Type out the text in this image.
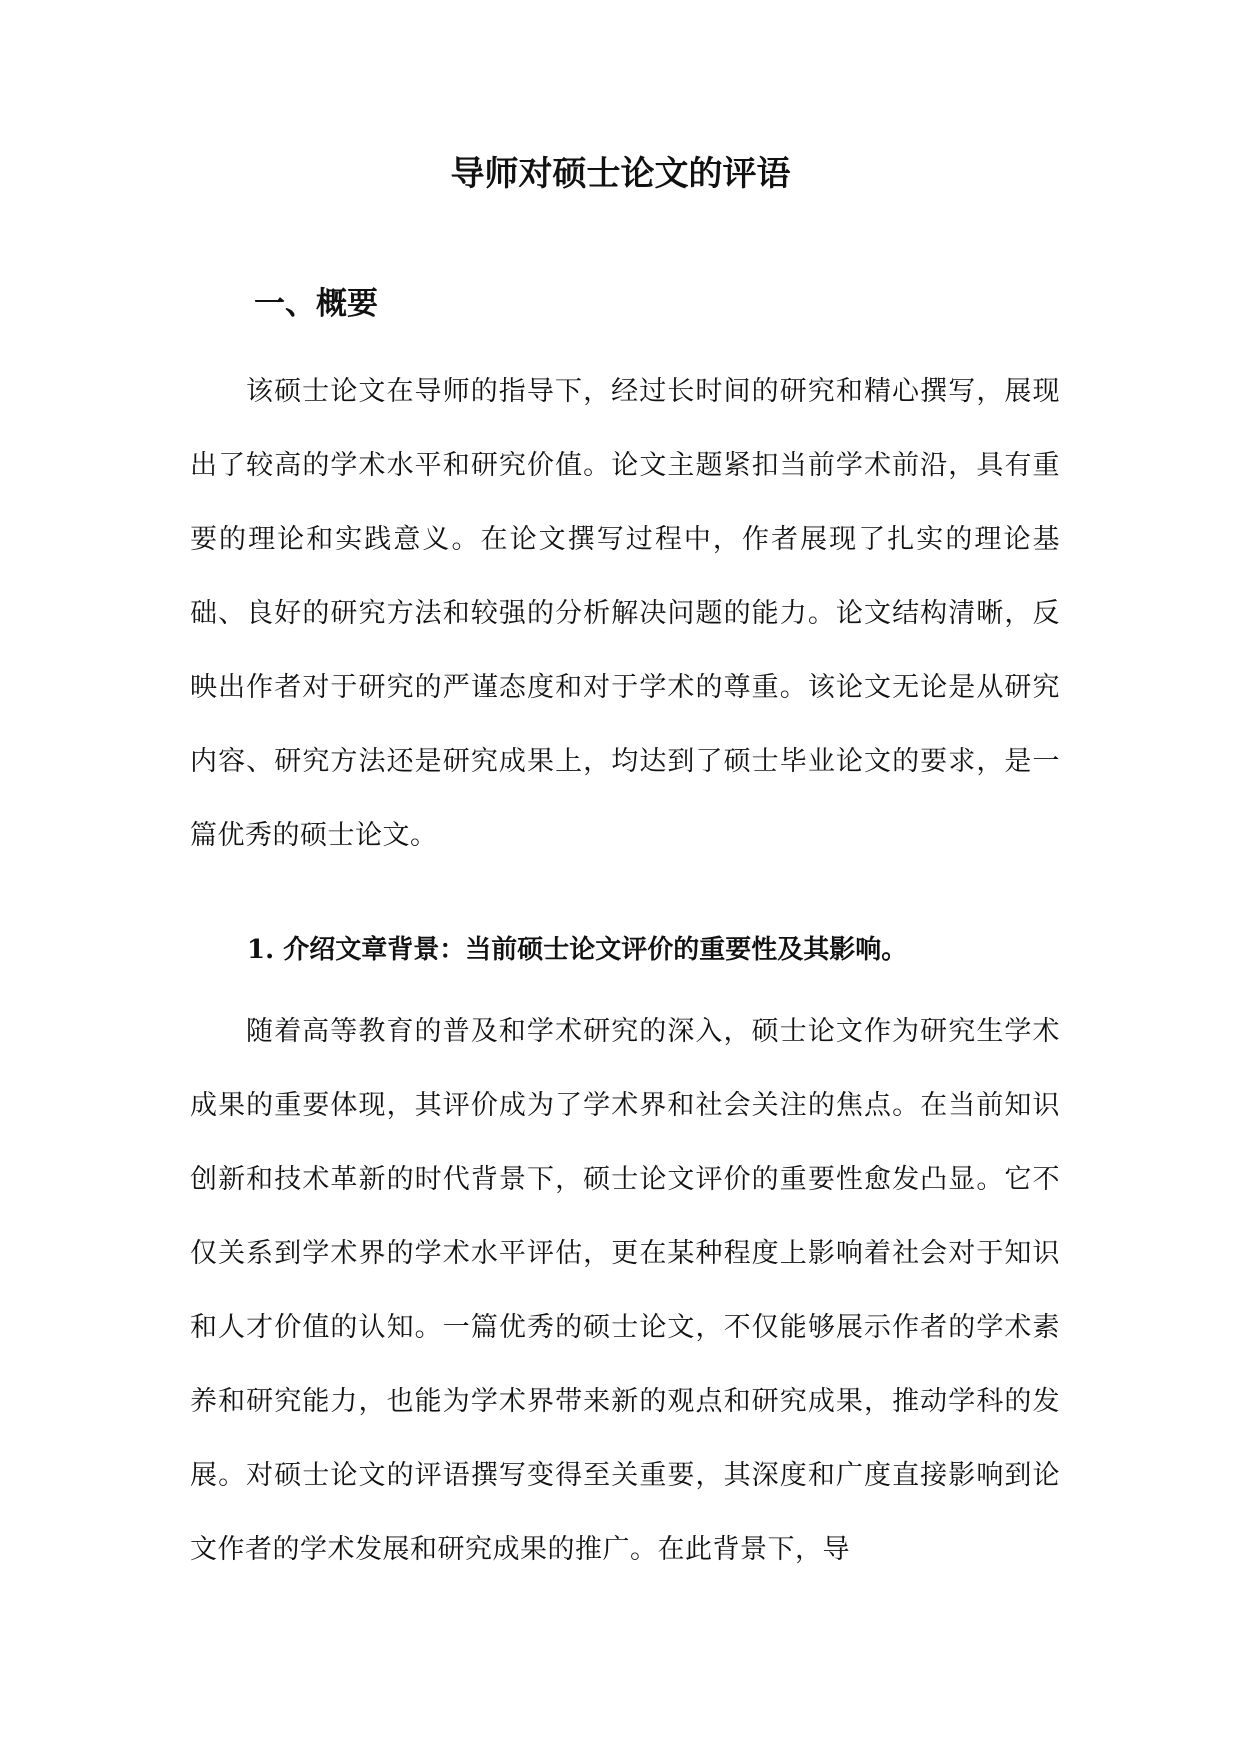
导师对硕士论文的评语
一、概要

该硕士论文在导师的指导下，经过长时间的研究和精心撰写，展现出了较高的学术水平和研究价值。论文主题紧扣当前学术前沿，具有重要的理论和实践意义。在论文撰写过程中，作者展现了扎实的理论基础、良好的研究方法和较强的分析解决问题的能力。论文结构清晰，反映出作者对于研究的严谨态度和对于学术的尊重。该论文无论是从研究内容、研究方法还是研究成果上，均达到了硕士毕业论文的要求，是一篇优秀的硕士论文。

1. 介绍文章背景：当前硕士论文评价的重要性及其影响。

随着高等教育的普及和学术研究的深入，硕士论文作为研究生学术成果的重要体现，其评价成为了学术界和社会关注的焦点。在当前知识创新和技术革新的时代背景下，硕士论文评价的重要性愈发凸显。它不仅关系到学术界的学术水平评估，更在某种程度上影响着社会对于知识和人才价值的认知。一篇优秀的硕士论文，不仅能够展示作者的学术素养和研究能力，也能为学术界带来新的观点和研究成果，推动学科的发展。对硕士论文的评语撰写变得至关重要，其深度和广度直接影响到论文作者的学术发展和研究成果的推广。在此背景下，导
